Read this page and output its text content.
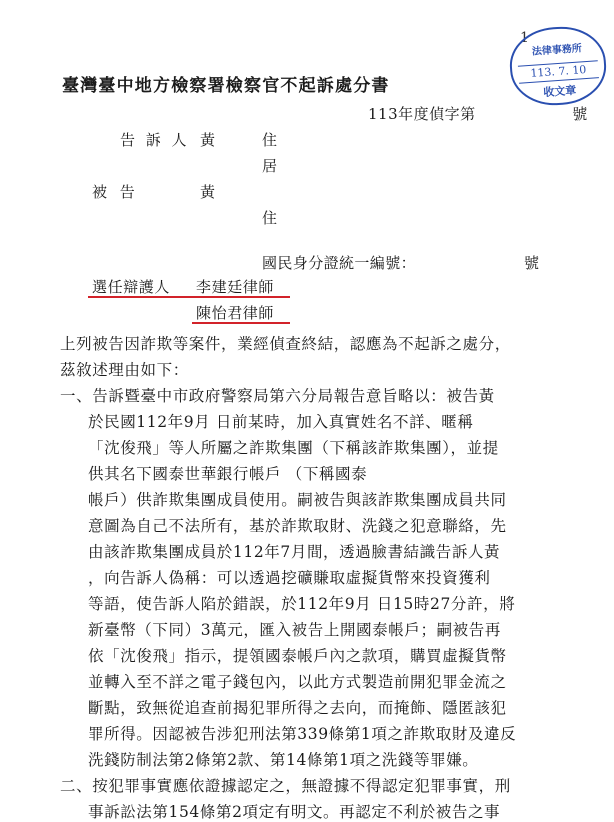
1
法律事務所
113. 7. 10
收文章
臺灣臺中地方檢察署檢察官不起訴處分書
113年度偵字第	號
告 訴 人 黃	住
居
被 告	黃
住
國民身分證統一編號：	號
選任辯護人 李建廷律師
陳怡君律師
上列被告因詐欺等案件，業經偵查終結，認應為不起訴之處分，
茲敘述理由如下：
一、告訴暨臺中市政府警察局第六分局報告意旨略以：被告黃
於民國112年9月 日前某時，加入真實姓名不詳、暱稱
「沈俊飛」等人所屬之詐欺集團（下稱該詐欺集團），並提
供其名下國泰世華銀行帳戶 （下稱國泰
帳戶）供詐欺集團成員使用。嗣被告與該詐欺集團成員共同
意圖為自己不法所有，基於詐欺取財、洗錢之犯意聯絡，先
由該詐欺集團成員於112年7月間，透過臉書結識告訴人黃
，向告訴人偽稱：可以透過挖礦賺取虛擬貨幣來投資獲利
等語，使告訴人陷於錯誤，於112年9月 日15時27分許，將
新臺幣（下同）3萬元，匯入被告上開國泰帳戶；嗣被告再
依「沈俊飛」指示，提領國泰帳戶內之款項，購買虛擬貨幣
並轉入至不詳之電子錢包內，以此方式製造前開犯罪金流之
斷點，致無從追查前揭犯罪所得之去向，而掩飾、隱匿該犯
罪所得。因認被告涉犯刑法第339條第1項之詐欺取財及違反
洗錢防制法第2條第2款、第14條第1項之洗錢等罪嫌。
二、按犯罪事實應依證據認定之，無證據不得認定犯罪事實，刑
事訴訟法第154條第2項定有明文。再認定不利於被告之事
